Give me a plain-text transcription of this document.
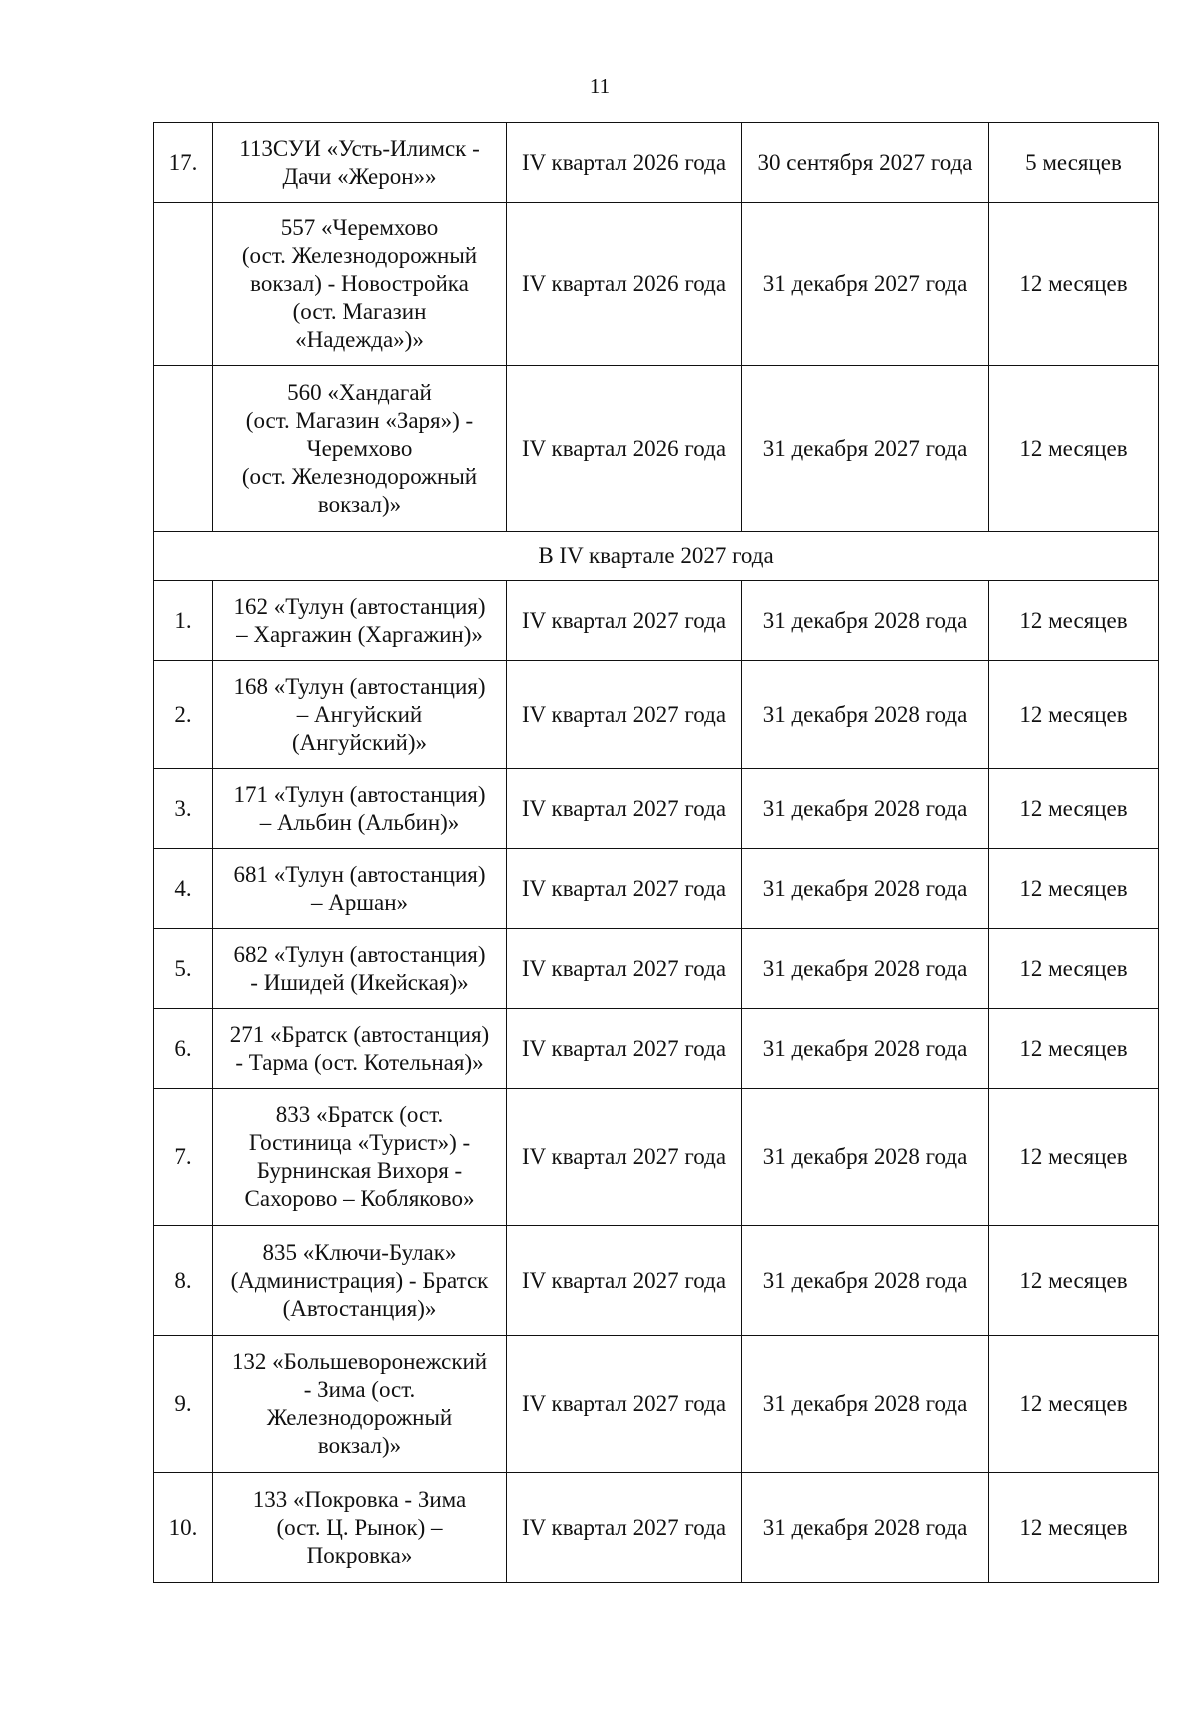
11
17.	113СУИ «Усть-Илимск -
Дачи «Жерон»»	IV квартал 2026 года	30 сентября 2027 года	5 месяцев

	557 «Черемхово
(ост. Железнодорожный
вокзал) - Новостройка
(ост. Магазин
«Надежда»)»	IV квартал 2026 года	31 декабря 2027 года	12 месяцев

	560 «Хандагай
(ост. Магазин «Заря») -
Черемхово
(ост. Железнодорожный
вокзал)»	IV квартал 2026 года	31 декабря 2027 года	12 месяцев
В IV квартале 2027 года				
1.	162 «Тулун (автостанция)
– Харгажин (Харгажин)»	IV квартал 2027 года	31 декабря 2028 года	12 месяцев
2.	168 «Тулун (автостанция)
– Ангуйский
(Ангуйский)»	IV квартал 2027 года	31 декабря 2028 года	12 месяцев
3.	171 «Тулун (автостанция)
– Альбин (Альбин)»	IV квартал 2027 года	31 декабря 2028 года	12 месяцев
4.	681 «Тулун (автостанция)
– Аршан»	IV квартал 2027 года	31 декабря 2028 года	12 месяцев
5.	682 «Тулун (автостанция)
- Ишидей (Икейская)»	IV квартал 2027 года	31 декабря 2028 года	12 месяцев
6.	271 «Братск (автостанция)
- Тарма (ост. Котельная)»	IV квартал 2027 года	31 декабря 2028 года	12 месяцев
7.	833 «Братск (ост.
Гостиница «Турист») -
Бурнинская Вихоря -
Сахорово – Кобляково»	IV квартал 2027 года	31 декабря 2028 года	12 месяцев
8.	835 «Ключи-Булак»
(Администрация) - Братск
(Автостанция)»	IV квартал 2027 года	31 декабря 2028 года	12 месяцев
9.	132 «Большеворонежский
- Зима (ост.
Железнодорожный
вокзал)»	IV квартал 2027 года	31 декабря 2028 года	12 месяцев
10.	133 «Покровка - Зима
(ост. Ц. Рынок) –
Покровка»	IV квартал 2027 года	31 декабря 2028 года	12 месяцев
